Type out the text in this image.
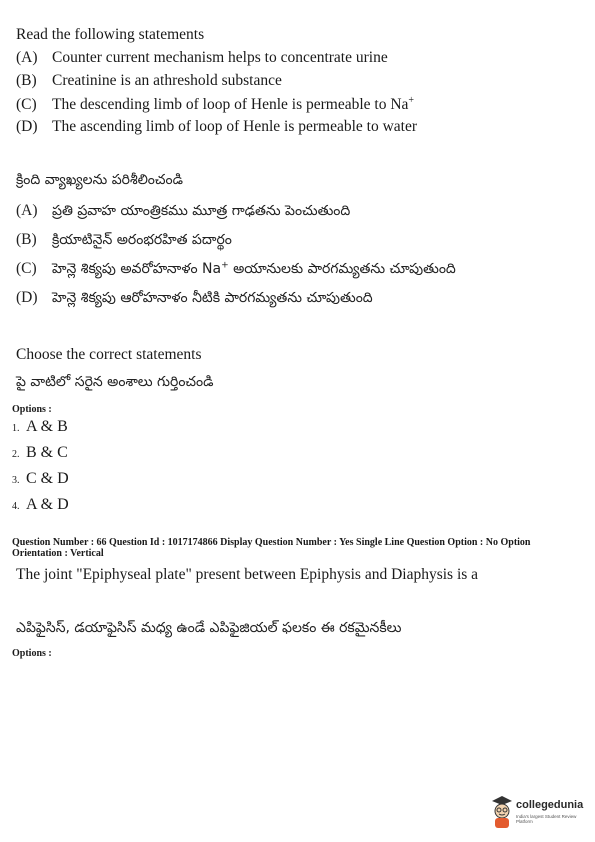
Read the following statements
(A) Counter current mechanism helps to concentrate urine
(B) Creatinine is an athreshold substance
(C) The descending limb of loop of Henle is permeable to Na+
(D) The ascending limb of loop of Henle is permeable to water
క్రింది వ్యాఖ్యలను పరిశీలించండి
(A) ప్రతి ప్రవాహ యాంత్రికము మూత్ర గాఢతను పెంచుతుంది
(B) క్రియాటినైన్ అరంభరహిత పదార్థం
(C) హెన్లె శిక్యపు అవరోహనాళం Na+ అయానులకు పారగమ్యతను చూపుతుంది
(D) హెన్లె శిక్యపు ఆరోహనాళం నీటికి పారగమ్యతను చూపుతుంది
Choose the correct statements
పై వాటిలో సరైన అంశాలు గుర్తించండి
Options :
1. A & B
2. B & C
3. C & D
4. A & D
Question Number : 66 Question Id : 1017174866 Display Question Number : Yes Single Line Question Option : No Option
Orientation : Vertical
The joint "Epiphyseal plate" present between Epiphysis and Diaphysis is a
ఎపిఫైసిస్, డయాఫైసిస్ మధ్య ఉండే ఎపిఫైజియల్ ఫలకం ఈ రకమైనకీలు
Options :
collegedunia
India's largest Student Review Platform
